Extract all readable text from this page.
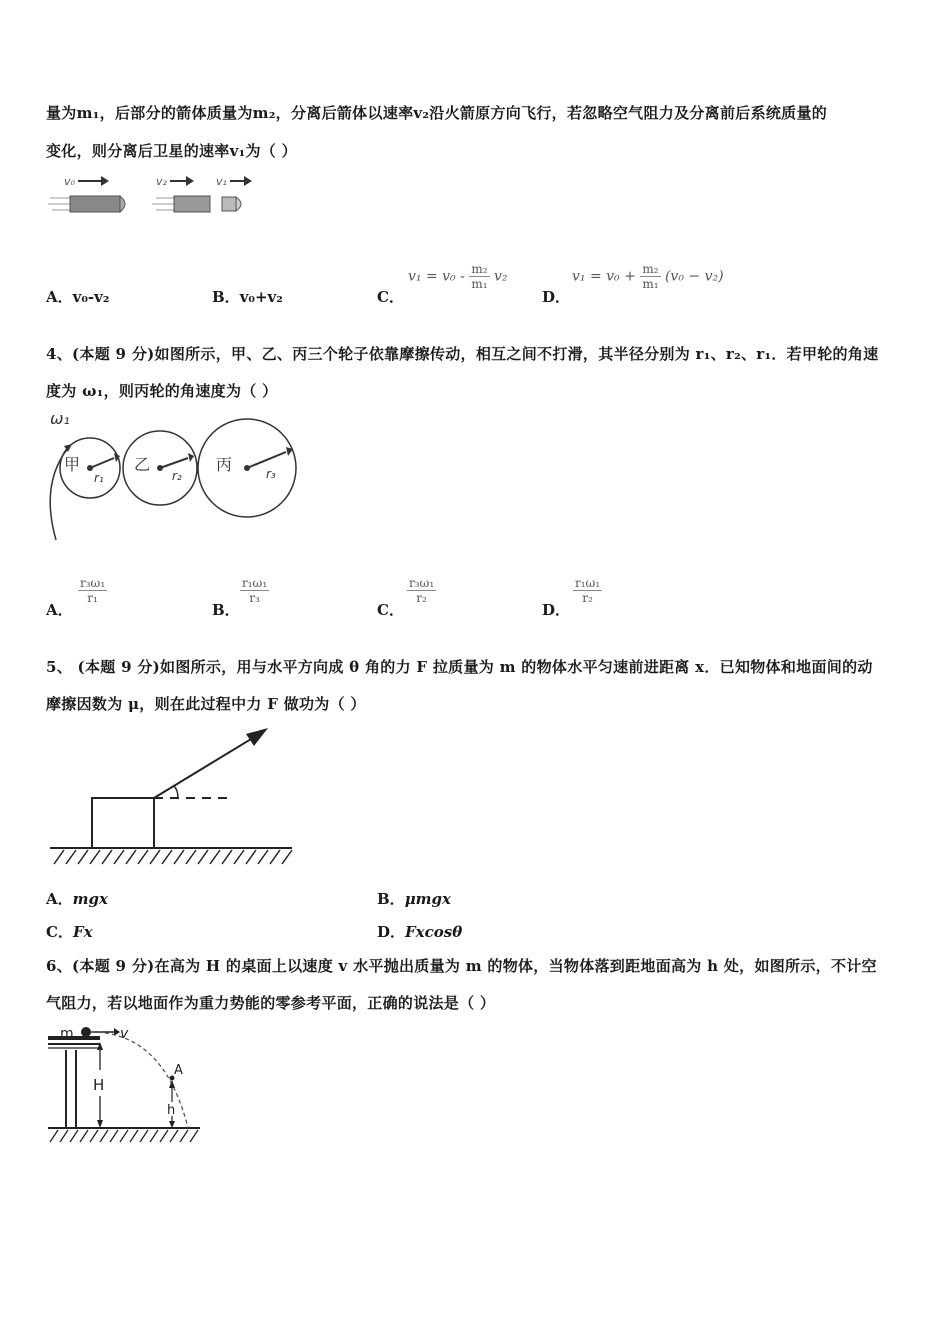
量为m₁，后部分的箭体质量为m₂，分离后箭体以速率v₂沿火箭原方向飞行，若忽略空气阻力及分离前后系统质量的
变化，则分离后卫星的速率v₁为（ ）
v₀	v₂	v₁
A．v₀-v₂	B．v₀+v₂	C．
$v_1 = v_0 - \frac{\text{m₂}}{\text{m₁}} v_2$
D．
$v_1 = v_0 + \frac{\text{m₂}}{\text{m₁}} (v_0 - v_2)$
4、(本题 9 分)如图所示，甲、乙、丙三个轮子依靠摩擦传动，相互之间不打滑，其半径分别为 r₁、r₂、r₁．若甲轮的角速
度为 ω₁，则丙轮的角速度为（ ）
ω₁
甲	乙	丙
r₁	r₂	r₃
A．
$\frac{\text{r₃ω₁}}{\text{r₁}}$
B．
$\frac{\text{r₁ω₁}}{\text{r₃}}$
C．
$\frac{\text{r₃ω₁}}{\text{r₂}}$
D．
$\frac{\text{r₁ω₁}}{\text{r₂}}$
5、 (本题 9 分)如图所示，用与水平方向成 θ 角的力 F 拉质量为 m 的物体水平匀速前进距离 x．已知物体和地面间的动
摩擦因数为 μ，则在此过程中力 F 做功为（ ）
A．mgx	B．μmgx
C．Fx	D．Fxcosθ
6、(本题 9 分)在高为 H 的桌面上以速度 v 水平抛出质量为 m 的物体，当物体落到距地面高为 h 处，如图所示，不计空
气阻力，若以地面作为重力势能的零参考平面，正确的说法是（ ）
m	v
H
A
h
